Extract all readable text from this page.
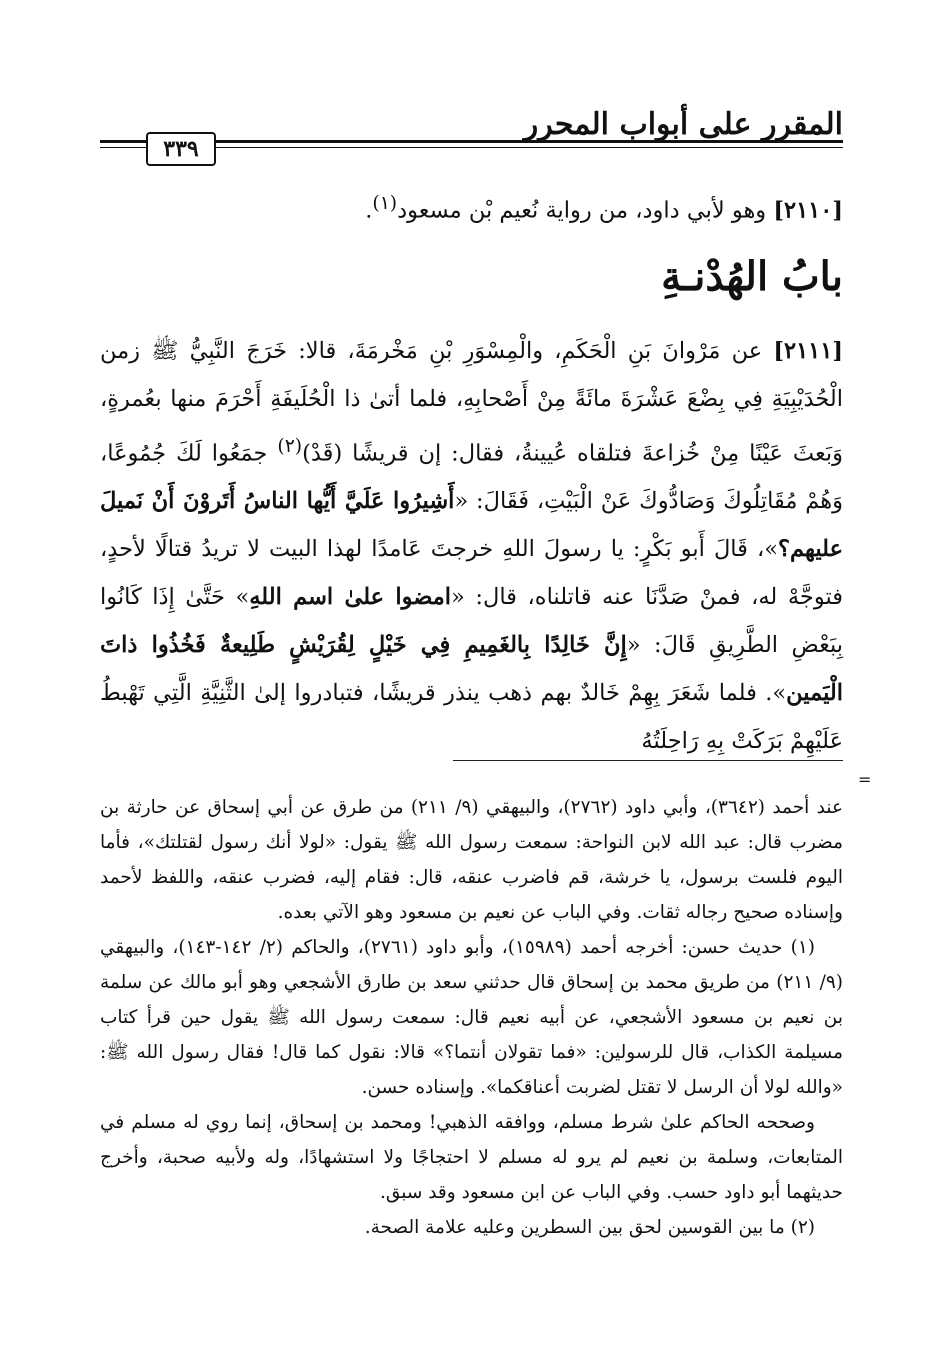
المقرر على أبواب المحرر
٣٣٩

[٢١١٠] وهو لأبي داود، من رواية نُعيم بْن مسعود$^{(١)}$.

بابُ الهُدْنـةِ

[٢١١١] عن مَرْوانَ بَنِ الْحَكَمِ، والْمِسْوَرِ بْنِ مَخْرمَةَ، قالا: خَرَجَ النَّبِيُّ ﷺ زمن الْحُدَيْبِيَةِ فِي بِضْعَ عَشْرَةَ مائَةً مِنْ أَصْحابِهِ، فلما أتىٰ ذا الْحُلَيفَةِ أَحْرَمَ منها بعُمرةٍ، وَبَعثَ عَيْنًا مِنْ خُزاعةَ فتلقاه عُيينةُ، فقال: إن قريشًا (قَدْ)$^{(٢)}$ جمَعُوا لَكَ جُمُوعًا، وَهُمْ مُقَاتِلُوكَ وَصَادُّوكَ عَنْ الْبَيْتِ، فَقَالَ: «أَشِيرُوا عَلَيَّ أَيُّها الناسُ أَتَروْنَ أَنْ نَميلَ عليهم؟»، قَالَ أَبو بَكْرٍ: يا رسولَ اللهِ خرجتَ عَامدًا لهذا البيت لا تريدُ قتالًا لأحدٍ، فتوجَّهْ له، فمنْ صَدَّنَا عنه قاتلناه، قال: «امضوا علىٰ اسم اللهِ» حَتَّىٰ إِذَا كَانُوا بِبَعْضِ الطَّرِيقِ قَالَ: «إِنَّ خَالِدًا بِالغَمِيمِ فِي خَيْلٍ لِقُرَيْشٍ طَلِيعةٌ فَخُذُوا ذاتَ الْيَمين». فلما شَعَرَ بِهِمْ خَالدٌ بهم ذهب ينذر قريشًا، فتبادروا إلىٰ الثَّنِيَّةِ الَّتِي تَهْبطُ عَلَيْهِمْ بَرَكَتْ بِهِ رَاحِلَتُهُ

=

عند أحمد (٣٦٤٢)، وأبي داود (٢٧٦٢)، والبيهقي (٩/ ٢١١) من طرق عن أبي إسحاق عن حارثة بن مضرب قال: عبد الله لابن النواحة: سمعت رسول الله ﷺ يقول: «لولا أنك رسول لقتلتك»، فأما اليوم فلست برسول، يا خرشة، قم فاضرب عنقه، قال: فقام إليه، فضرب عنقه، واللفظ لأحمد وإسناده صحيح رجاله ثقات. وفي الباب عن نعيم بن مسعود وهو الآتي بعده.

(١) حديث حسن: أخرجه أحمد (١٥٩٨٩)، وأبو داود (٢٧٦١)، والحاكم (٢/ ١٤٢-١٤٣)، والبيهقي (٩/ ٢١١) من طريق محمد بن إسحاق قال حدثني سعد بن طارق الأشجعي وهو أبو مالك عن سلمة بن نعيم بن مسعود الأشجعي، عن أبيه نعيم قال: سمعت رسول الله ﷺ يقول حين قرأ كتاب مسيلمة الكذاب، قال للرسولين: «فما تقولان أنتما؟» قالا: نقول كما قال! فقال رسول الله ﷺ: «والله لولا أن الرسل لا تقتل لضربت أعناقكما». وإسناده حسن.

وصححه الحاكم علىٰ شرط مسلم، ووافقه الذهبي! ومحمد بن إسحاق، إنما روي له مسلم في المتابعات، وسلمة بن نعيم لم يرو له مسلم لا احتجاجًا ولا استشهادًا، وله ولأبيه صحبة، وأخرج حديثهما أبو داود حسب. وفي الباب عن ابن مسعود وقد سبق.

(٢) ما بين القوسين لحق بين السطرين وعليه علامة الصحة.
